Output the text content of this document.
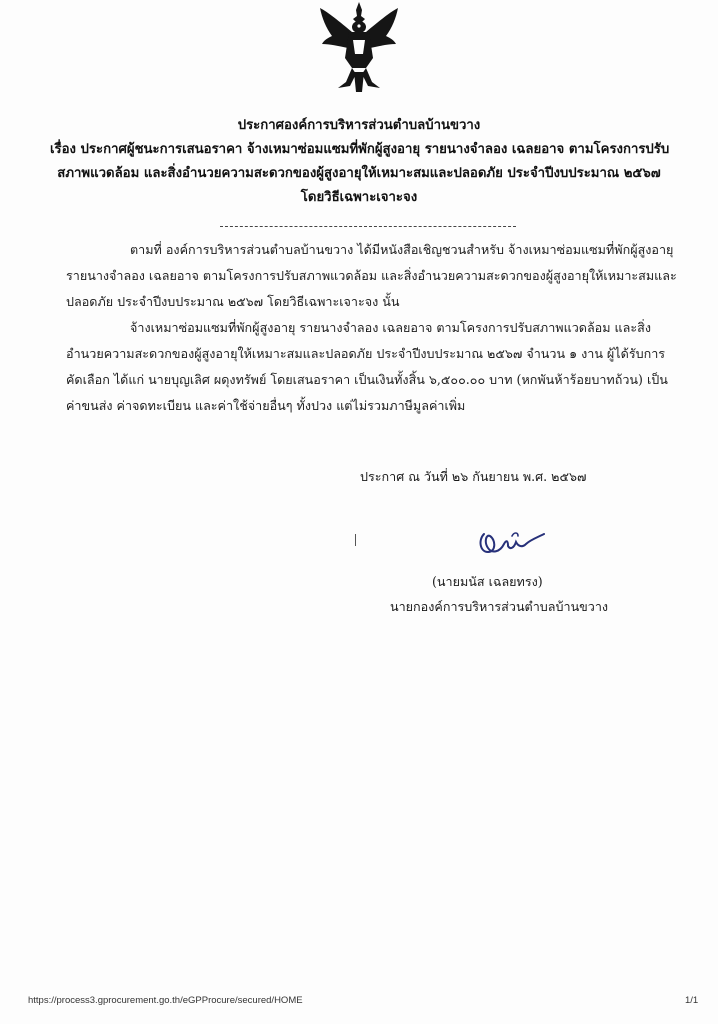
ประกาศองค์การบริหารส่วนตำบลบ้านขวาง
เรื่อง ประกาศผู้ชนะการเสนอราคา จ้างเหมาซ่อมแซมที่พักผู้สูงอายุ รายนางจำลอง เฉลยอาจ ตามโครงการปรับ
สภาพแวดล้อม และสิ่งอำนวยความสะดวกของผู้สูงอายุให้เหมาะสมและปลอดภัย ประจำปีงบประมาณ ๒๕๖๗
โดยวิธีเฉพาะเจาะจง
ตามที่ องค์การบริหารส่วนตำบลบ้านขวาง ได้มีหนังสือเชิญชวนสำหรับ จ้างเหมาซ่อมแซมที่พักผู้สูงอายุ
รายนางจำลอง เฉลยอาจ ตามโครงการปรับสภาพแวดล้อม และสิ่งอำนวยความสะดวกของผู้สูงอายุให้เหมาะสมและ
ปลอดภัย ประจำปีงบประมาณ ๒๕๖๗ โดยวิธีเฉพาะเจาะจง นั้น
จ้างเหมาซ่อมแซมที่พักผู้สูงอายุ รายนางจำลอง เฉลยอาจ ตามโครงการปรับสภาพแวดล้อม และสิ่ง
อำนวยความสะดวกของผู้สูงอายุให้เหมาะสมและปลอดภัย ประจำปีงบประมาณ ๒๕๖๗ จำนวน ๑ งาน ผู้ได้รับการ
คัดเลือก ได้แก่ นายบุญเลิศ ผดุงทรัพย์ โดยเสนอราคา เป็นเงินทั้งสิ้น ๖,๕๐๐.๐๐ บาท (หกพันห้าร้อยบาทถ้วน) เป็น
ค่าขนส่ง ค่าจดทะเบียน และค่าใช้จ่ายอื่นๆ ทั้งปวง แต่ไม่รวมภาษีมูลค่าเพิ่ม
ประกาศ ณ วันที่ ๒๖ กันยายน พ.ศ. ๒๕๖๗
(นายมนัส เฉลยทรง)
นายกองค์การบริหารส่วนตำบลบ้านขวาง
https://process3.gprocurement.go.th/eGPProcure/secured/HOME	1/1
